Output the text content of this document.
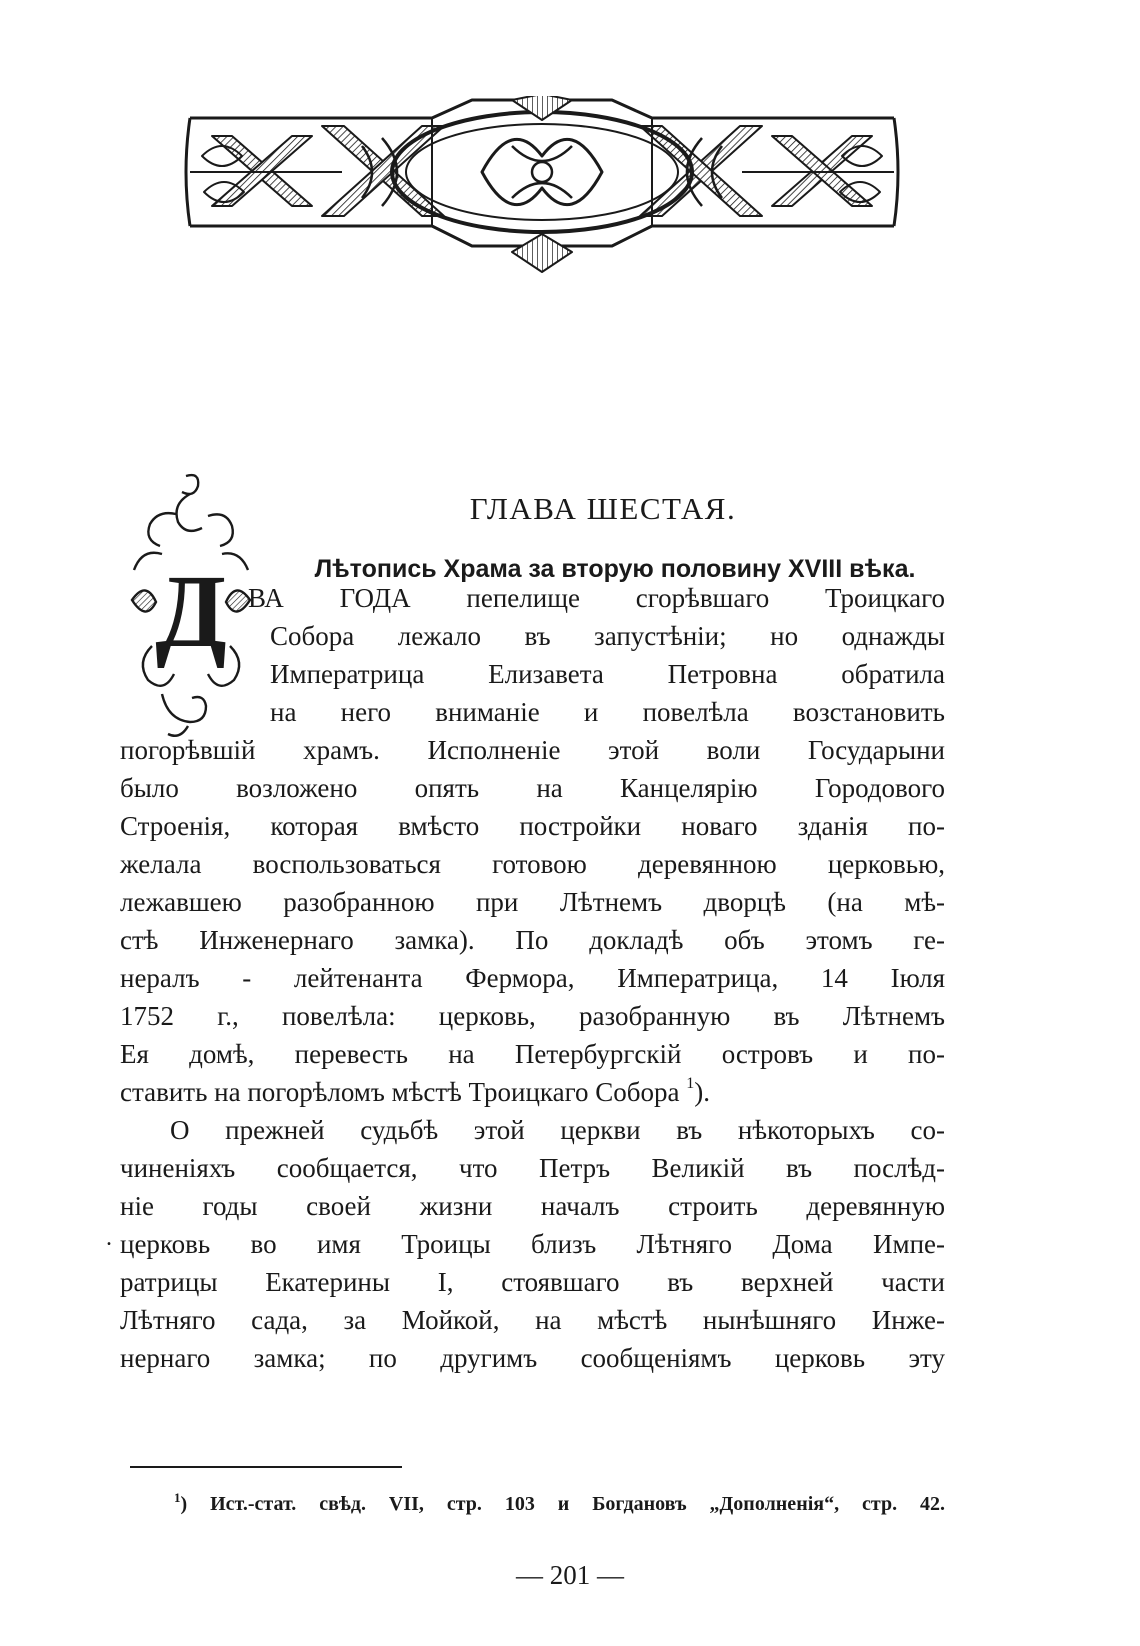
Д
ГЛАВА ШЕСТАЯ.
Лѣтопись Храма за вторую половину XVIII вѣка.
ВА ГОДА пепелище сгорѣвшаго Троицкаго
Собора лежало въ запустѣніи; но однажды
Императрица Елизавета Петровна обратила
на него вниманіе и повелѣла возстановить
погорѣвшій храмъ. Исполненіе этой воли Государыни
было возложено опять на Канцелярію Городового
Строенія, которая вмѣсто постройки новаго зданія по-
желала воспользоваться готовою деревянною церковью,
лежавшею разобранною при Лѣтнемъ дворцѣ (на мѣ-
стѣ Инженернаго замка). По докладѣ объ этомъ ге-
нералъ - лейтенанта Фермора, Императрица, 14 Іюля
1752 г., повелѣла: церковь, разобранную въ Лѣтнемъ
Ея домѣ, перевесть на Петербургскій островъ и по-
ставить на погорѣломъ мѣстѣ Троицкаго Собора $^1$).
О прежней судьбѣ этой церкви въ нѣкоторыхъ со-
.
чиненіяхъ сообщается, что Петръ Великій въ послѣд-
ніе годы своей жизни началъ строить деревянную
церковь во имя Троицы близъ Лѣтняго Дома Импе-
ратрицы Екатерины I, стоявшаго въ верхней части
Лѣтняго сада, за Мойкой, на мѣстѣ нынѣшняго Инже-
нернаго замка; по другимъ сообщеніямъ церковь эту
$^1$) Ист.-стат. свѣд. VII, стр. 103 и Богдановъ „Дополненія“, стр. 42.
— 201 —
